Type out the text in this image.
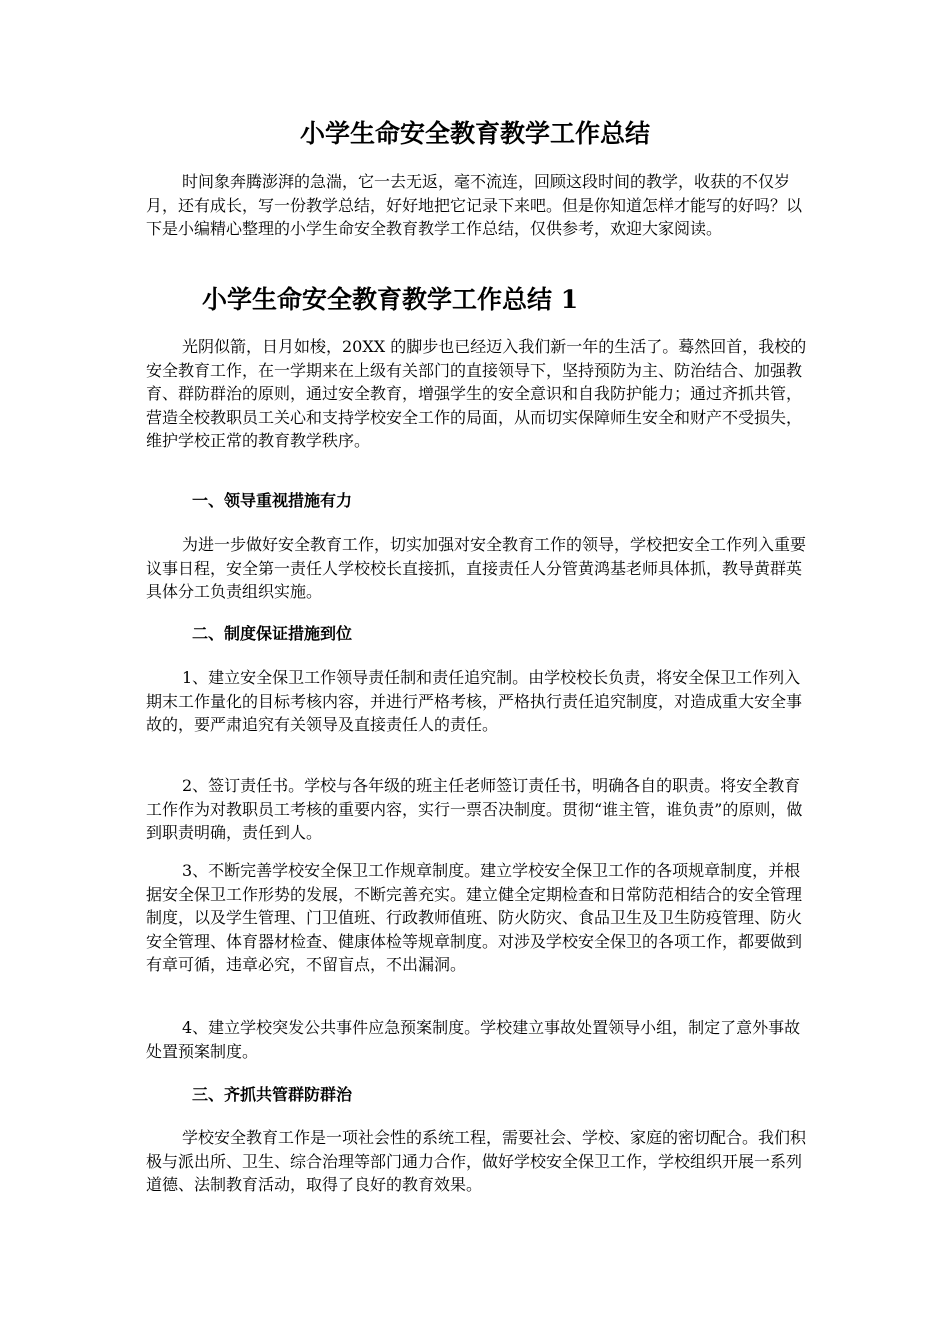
小学生命安全教育教学工作总结

时间象奔腾澎湃的急湍，它一去无返，毫不流连，回顾这段时间的教学，收获的不仅岁月，还有成长，写一份教学总结，好好地把它记录下来吧。但是你知道怎样才能写的好吗？以下是小编精心整理的小学生命安全教育教学工作总结，仅供参考，欢迎大家阅读。

小学生命安全教育教学工作总结 1

光阴似箭，日月如梭，20XX 的脚步也已经迈入我们新一年的生活了。蓦然回首，我校的安全教育工作，在一学期来在上级有关部门的直接领导下，坚持预防为主、防治结合、加强教育、群防群治的原则，通过安全教育，增强学生的安全意识和自我防护能力；通过齐抓共管，营造全校教职员工关心和支持学校安全工作的局面，从而切实保障师生安全和财产不受损失，维护学校正常的教育教学秩序。

一、领导重视措施有力

为进一步做好安全教育工作，切实加强对安全教育工作的领导，学校把安全工作列入重要议事日程，安全第一责任人学校校长直接抓，直接责任人分管黄鸿基老师具体抓，教导黄群英具体分工负责组织实施。

二、制度保证措施到位

1、建立安全保卫工作领导责任制和责任追究制。由学校校长负责，将安全保卫工作列入期末工作量化的目标考核内容，并进行严格考核，严格执行责任追究制度，对造成重大安全事故的，要严肃追究有关领导及直接责任人的责任。

2、签订责任书。学校与各年级的班主任老师签订责任书，明确各自的职责。将安全教育工作作为对教职员工考核的重要内容，实行一票否决制度。贯彻“谁主管，谁负责”的原则，做到职责明确，责任到人。

3、不断完善学校安全保卫工作规章制度。建立学校安全保卫工作的各项规章制度，并根据安全保卫工作形势的发展，不断完善充实。建立健全定期检查和日常防范相结合的安全管理制度，以及学生管理、门卫值班、行政教师值班、防火防灾、食品卫生及卫生防疫管理、防火安全管理、体育器材检查、健康体检等规章制度。对涉及学校安全保卫的各项工作，都要做到有章可循，违章必究，不留盲点，不出漏洞。

4、建立学校突发公共事件应急预案制度。学校建立事故处置领导小组，制定了意外事故处置预案制度。

三、齐抓共管群防群治

学校安全教育工作是一项社会性的系统工程，需要社会、学校、家庭的密切配合。我们积极与派出所、卫生、综合治理等部门通力合作，做好学校安全保卫工作，学校组织开展一系列道德、法制教育活动，取得了良好的教育效果。
